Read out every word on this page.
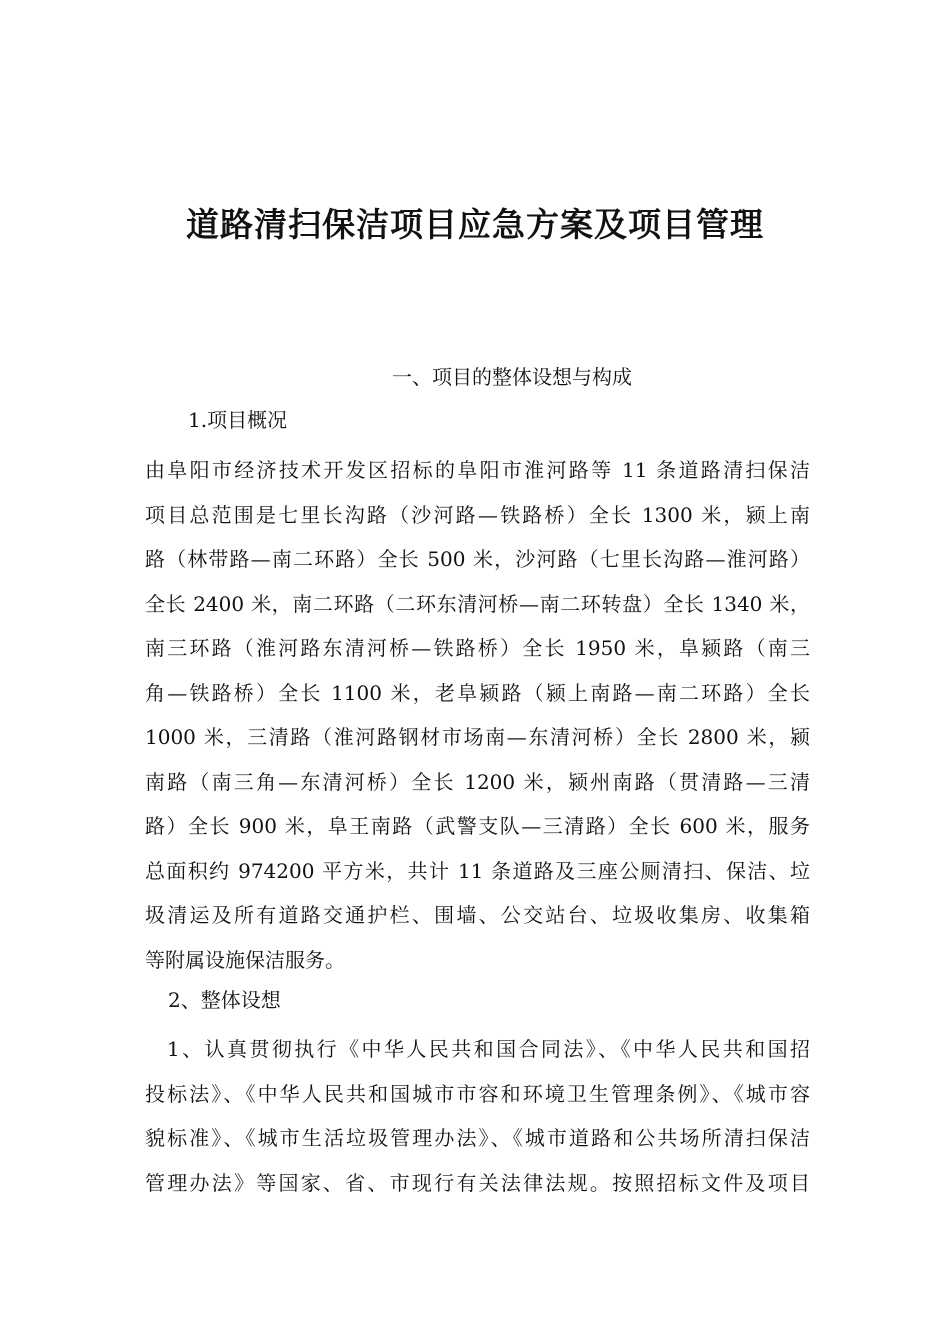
道路清扫保洁项目应急方案及项目管理
一、项目的整体设想与构成
1.项目概况
由阜阳市经济技术开发区招标的阜阳市淮河路等 11 条道路清扫保洁
项目总范围是七里长沟路（沙河路—铁路桥）全长 1300 米，颍上南
路（林带路—南二环路）全长 500 米，沙河路（七里长沟路—淮河路）
全长 2400 米，南二环路（二环东清河桥—南二环转盘）全长 1340 米，
南三环路（淮河路东清河桥—铁路桥）全长 1950 米，阜颍路（南三
角—铁路桥）全长 1100 米，老阜颍路（颍上南路—南二环路）全长
1000 米，三清路（淮河路钢材市场南—东清河桥）全长 2800 米，颍
南路（南三角—东清河桥）全长 1200 米，颍州南路（贯清路—三清
路）全长 900 米，阜王南路（武警支队—三清路）全长 600 米，服务
总面积约 974200 平方米，共计 11 条道路及三座公厕清扫、保洁、垃
圾清运及所有道路交通护栏、围墙、公交站台、垃圾收集房、收集箱
等附属设施保洁服务。
2、整体设想
1、认真贯彻执行《中华人民共和国合同法》、《中华人民共和国招
投标法》、《中华人民共和国城市市容和环境卫生管理条例》、《城市容
貌标准》、《城市生活垃圾管理办法》、《城市道路和公共场所清扫保洁
管理办法》等国家、省、市现行有关法律法规。按照招标文件及项目
